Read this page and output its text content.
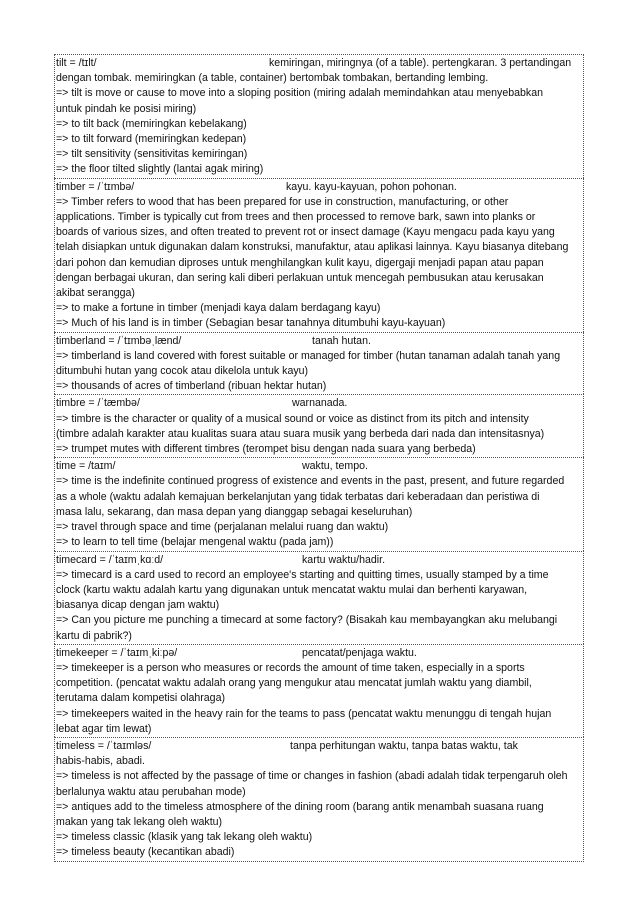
tilt = /tɪlt/	kemiringan, miringnya (of a table). pertengkaran. 3 pertandingan
dengan tombak. memiringkan (a table, container) bertombak tombakan, bertanding lembing.
=> tilt is move or cause to move into a sloping position (miring adalah memindahkan atau menyebabkan
untuk pindah ke posisi miring)
=> to tilt back (memiringkan kebelakang)
=> to tilt forward (memiringkan kedepan)
=> tilt sensitivity (sensitivitas kemiringan)
=> the floor tilted slightly (lantai agak miring)
timber = /ˈtɪmbə/	kayu. kayu-kayuan, pohon pohonan.
=> Timber refers to wood that has been prepared for use in construction, manufacturing, or other
applications. Timber is typically cut from trees and then processed to remove bark, sawn into planks or
boards of various sizes, and often treated to prevent rot or insect damage (Kayu mengacu pada kayu yang
telah disiapkan untuk digunakan dalam konstruksi, manufaktur, atau aplikasi lainnya. Kayu biasanya ditebang
dari pohon dan kemudian diproses untuk menghilangkan kulit kayu, digergaji menjadi papan atau papan
dengan berbagai ukuran, dan sering kali diberi perlakuan untuk mencegah pembusukan atau kerusakan
akibat serangga)
=> to make a fortune in timber (menjadi kaya dalam berdagang kayu)
=> Much of his land is in timber (Sebagian besar tanahnya ditumbuhi kayu-kayuan)
timberland = /ˈtɪmbəˌlænd/	tanah hutan.
=> timberland is land covered with forest suitable or managed for timber (hutan tanaman adalah tanah yang
ditumbuhi hutan yang cocok atau dikelola untuk kayu)
=> thousands of acres of timberland (ribuan hektar hutan)
timbre = /ˈtæmbə/	warnanada.
=> timbre is the character or quality of a musical sound or voice as distinct from its pitch and intensity
(timbre adalah karakter atau kualitas suara atau suara musik yang berbeda dari nada dan intensitasnya)
=> trumpet mutes with different timbres (terompet bisu dengan nada suara yang berbeda)
time = /taɪm/	waktu, tempo.
=> time is the indefinite continued progress of existence and events in the past, present, and future regarded
as a whole (waktu adalah kemajuan berkelanjutan yang tidak terbatas dari keberadaan dan peristiwa di
masa lalu, sekarang, dan masa depan yang dianggap sebagai keseluruhan)
=> travel through space and time (perjalanan melalui ruang dan waktu)
=> to learn to tell time (belajar mengenal waktu (pada jam))
timecard = /ˈtaɪmˌkɑːd/	kartu waktu/hadir.
=> timecard is a card used to record an employee's starting and quitting times, usually stamped by a time
clock (kartu waktu adalah kartu yang digunakan untuk mencatat waktu mulai dan berhenti karyawan,
biasanya dicap dengan jam waktu)
=> Can you picture me punching a timecard at some factory? (Bisakah kau membayangkan aku melubangi
kartu di pabrik?)
timekeeper = /ˈtaɪmˌkiːpə/	pencatat/penjaga waktu.
=> timekeeper is a person who measures or records the amount of time taken, especially in a sports
competition. (pencatat waktu adalah orang yang mengukur atau mencatat jumlah waktu yang diambil,
terutama dalam kompetisi olahraga)
=> timekeepers waited in the heavy rain for the teams to pass (pencatat waktu menunggu di tengah hujan
lebat agar tim lewat)
timeless = /ˈtaɪmləs/	tanpa perhitungan waktu, tanpa batas waktu, tak
habis-habis, abadi.
=> timeless is not affected by the passage of time or changes in fashion (abadi adalah tidak terpengaruh oleh
berlalunya waktu atau perubahan mode)
=> antiques add to the timeless atmosphere of the dining room (barang antik menambah suasana ruang
makan yang tak lekang oleh waktu)
=> timeless classic (klasik yang tak lekang oleh waktu)
=> timeless beauty (kecantikan abadi)
